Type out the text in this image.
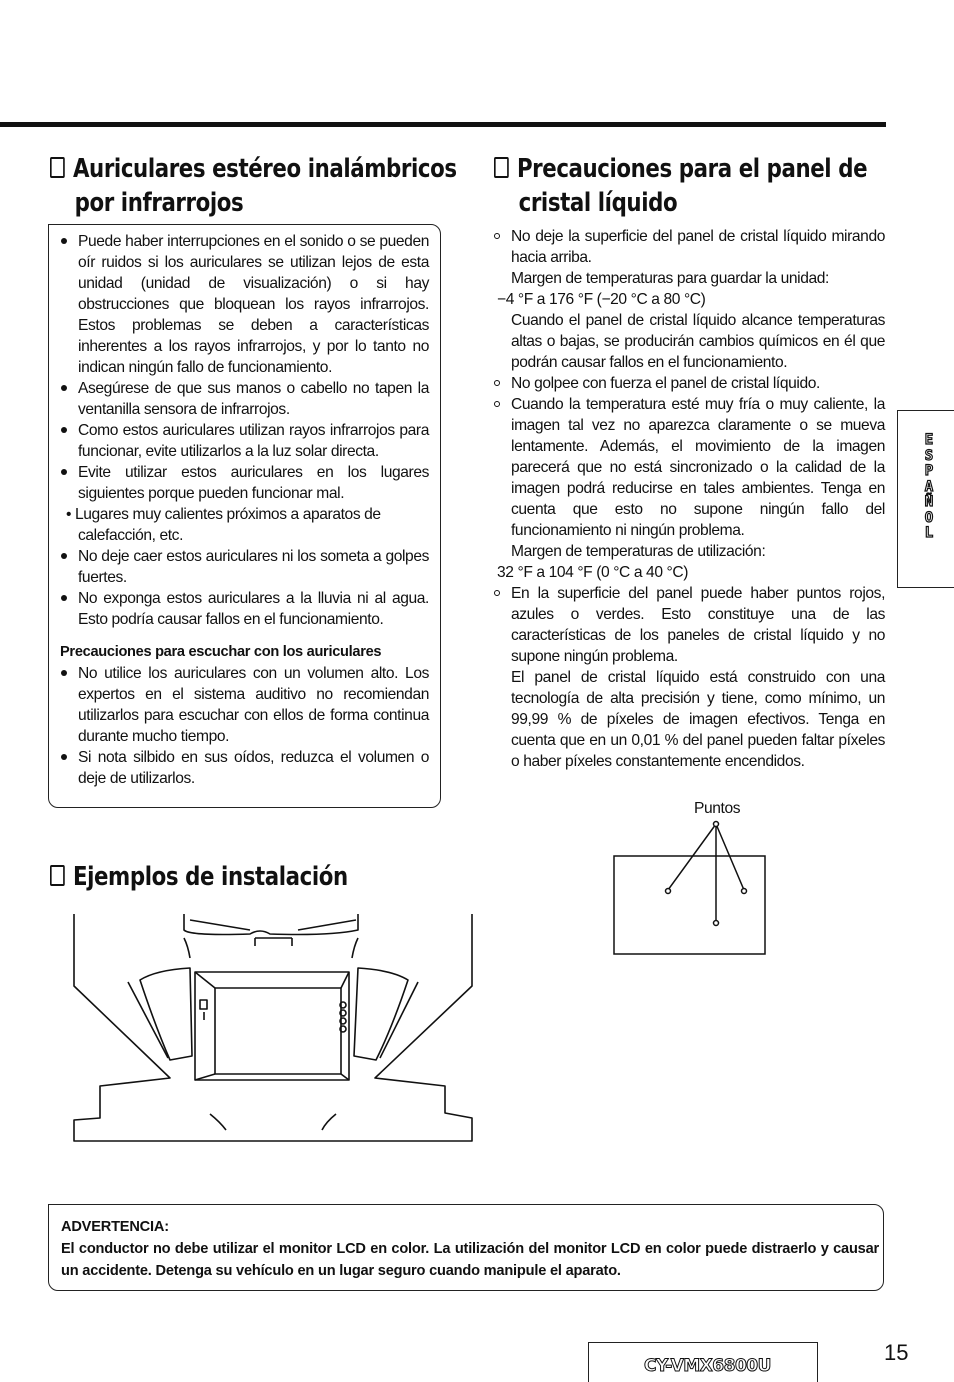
Auriculares estéreo inalámbricos
por infrarrojos
Puede haber interrupciones en el sonido o se pueden oír ruidos si los auriculares se utilizan lejos de esta unidad (unidad de visualización) o si hay obstrucciones que bloquean los rayos infrarrojos. Estos problemas se deben a características inherentes a los rayos infrarrojos, y por lo tanto no indican ningún fallo de funcionamiento.
Asegúrese de que sus manos o cabello no tapen la ventanilla sensora de infrarrojos.
Como estos auriculares utilizan rayos infrarrojos para funcionar, evite utilizarlos a la luz solar directa.
Evite utilizar estos auriculares en los lugares siguientes porque pueden funcionar mal.
• Lugares muy calientes próximos a aparatos de calefacción, etc.
No deje caer estos auriculares ni los someta a golpes fuertes.
No exponga estos auriculares a la lluvia ni al agua. Esto podría causar fallos en el funcionamiento.
Precauciones para escuchar con los auriculares
No utilice los auriculares con un volumen alto. Los expertos en el sistema auditivo no recomiendan utilizarlos para escuchar con ellos de forma continua durante mucho tiempo.
Si nota silbido en sus oídos, reduzca el volumen o deje de utilizarlos.
Ejemplos de instalación
Precauciones para el panel de
cristal líquido
No deje la superficie del panel de cristal líquido mirando hacia arriba.
Margen de temperaturas para guardar la unidad:
−4 °F a 176 °F (−20 °C a 80 °C)
Cuando el panel de cristal líquido alcance temperaturas altas o bajas, se producirán cambios químicos en él que podrán causar fallos en el funcionamiento.
No golpee con fuerza el panel de cristal líquido.
Cuando la temperatura esté muy fría o muy caliente, la imagen tal vez no aparezca claramente o se mueva lentamente. Además, el movimiento de la imagen parecerá que no está sincronizado o la calidad de la imagen podrá reducirse en tales ambientes. Tenga en cuenta que esto no supone ningún fallo del funcionamiento ni ningún problema.
Margen de temperaturas de utilización:
32 °F a 104 °F (0 °C a 40 °C)
En la superficie del panel puede haber puntos rojos, azules o verdes. Esto constituye una de las características de los paneles de cristal líquido y no supone ningún problema.
El panel de cristal líquido está construido con una tecnología de alta precisión y tiene, como mínimo, un 99,99 % de píxeles de imagen efectivos. Tenga en cuenta que en un 0,01 % del panel pueden faltar píxeles o haber píxeles constantemente encendidos.
Puntos
E
S
P
A
Ñ
O
L
ADVERTENCIA:
El conductor no debe utilizar el monitor LCD en color. La utilización del monitor LCD en color puede distraerlo y causar un accidente. Detenga su vehículo en un lugar seguro cuando manipule el aparato.
CY-VMX6800U
15
